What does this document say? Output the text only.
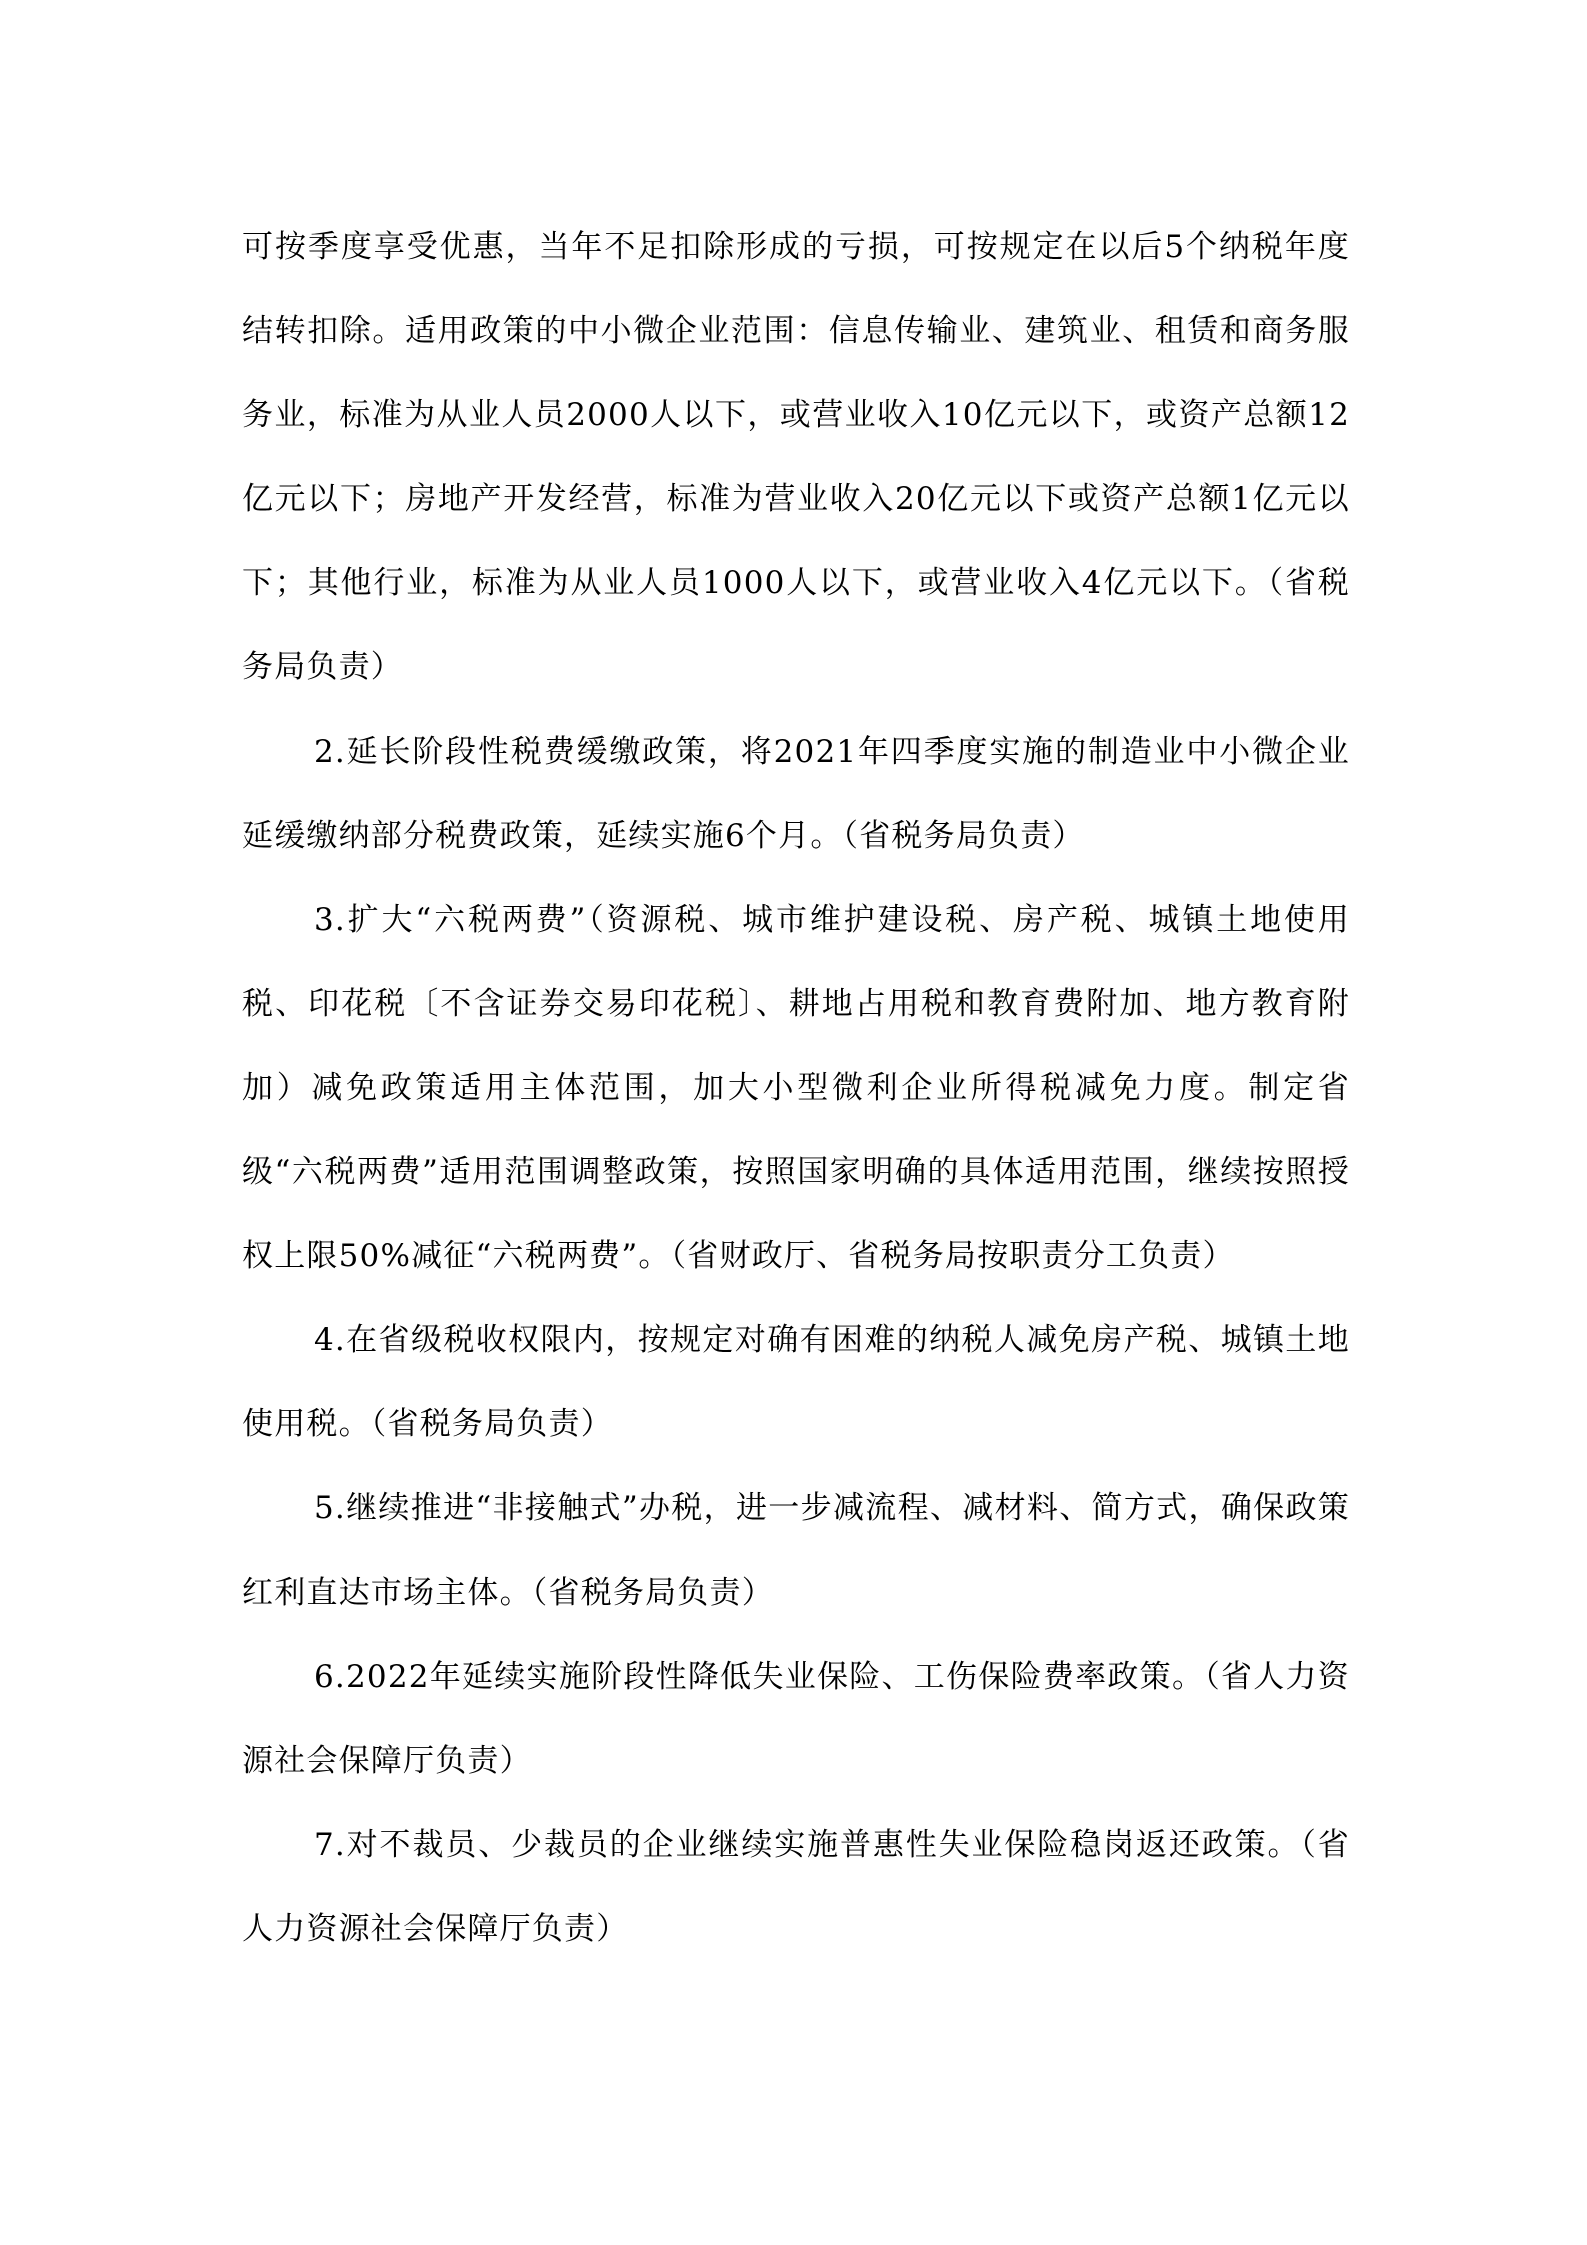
可按季度享受优惠，当年不足扣除形成的亏损，可按规定在以后5个纳税年度结转扣除。适用政策的中小微企业范围：信息传输业、建筑业、租赁和商务服务业，标准为从业人员2000人以下，或营业收入10亿元以下，或资产总额12亿元以下；房地产开发经营，标准为营业收入20亿元以下或资产总额1亿元以下；其他行业，标准为从业人员1000人以下，或营业收入4亿元以下。（省税务局负责）

2.延长阶段性税费缓缴政策，将2021年四季度实施的制造业中小微企业延缓缴纳部分税费政策，延续实施6个月。（省税务局负责）

3.扩大“六税两费”（资源税、城市维护建设税、房产税、城镇土地使用税、印花税〔不含证券交易印花税〕、耕地占用税和教育费附加、地方教育附加）减免政策适用主体范围，加大小型微利企业所得税减免力度。制定省级“六税两费”适用范围调整政策，按照国家明确的具体适用范围，继续按照授权上限50%减征“六税两费”。（省财政厅、省税务局按职责分工负责）

4.在省级税收权限内，按规定对确有困难的纳税人减免房产税、城镇土地使用税。（省税务局负责）

5.继续推进“非接触式”办税，进一步减流程、减材料、简方式，确保政策红利直达市场主体。（省税务局负责）

6.2022年延续实施阶段性降低失业保险、工伤保险费率政策。（省人力资源社会保障厅负责）

7.对不裁员、少裁员的企业继续实施普惠性失业保险稳岗返还政策。（省人力资源社会保障厅负责）
